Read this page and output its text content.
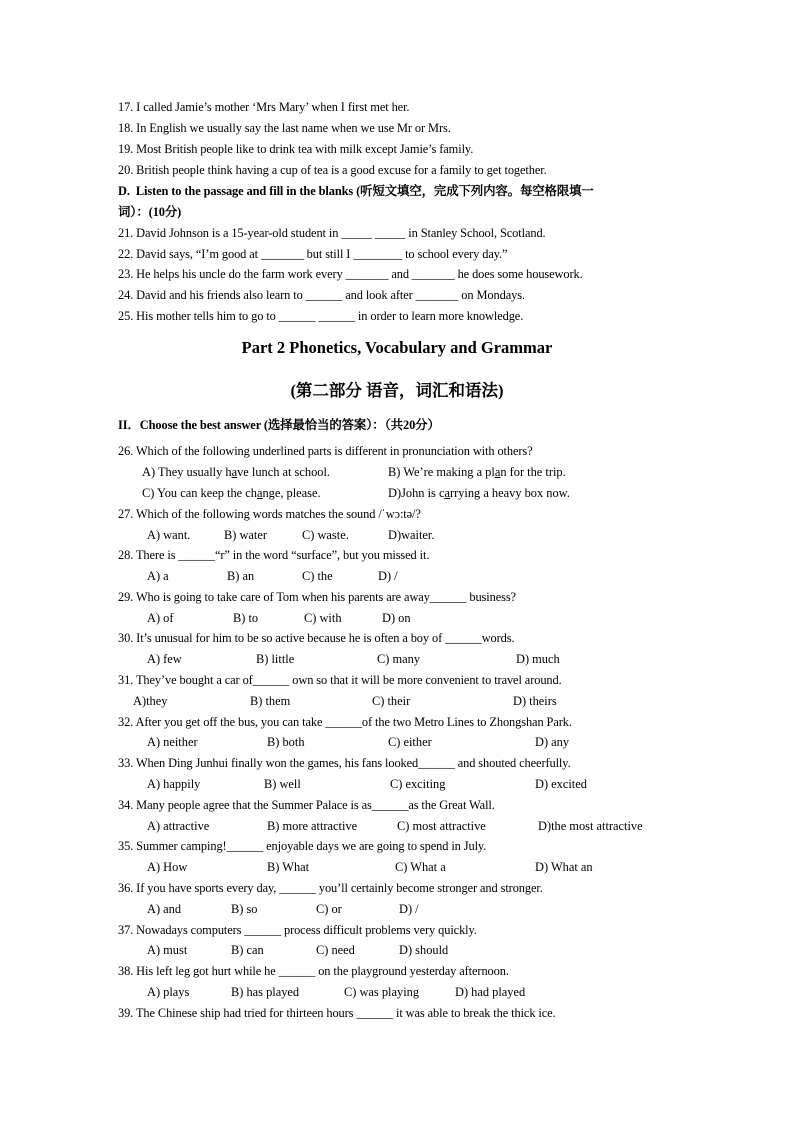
17. I called Jamie’s mother ‘Mrs Mary’ when I first met her.
18. In English we usually say the last name when we use Mr or Mrs.
19. Most British people like to drink tea with milk except Jamie’s family.
20. British people think having a cup of tea is a good excuse for a family to get together.
D.  Listen to the passage and fill in the blanks (听短文填空，完成下列内容。每空格限填一
词）：(10分)
21. David Johnson is a 15-year-old student in _____ _____ in Stanley School, Scotland.
22. David says, “I’m good at _______ but still I ________ to school every day.”
23. He helps his uncle do the farm work every _______ and _______ he does some housework.
24. David and his friends also learn to ______ and look after _______ on Mondays.
25. His mother tells him to go to ______ ______ in order to learn more knowledge.
Part 2 Phonetics, Vocabulary and Grammar
(第二部分 语音，词汇和语法)
II．Choose the best answer (选择最恰当的答案）：（共20分）
26. Which of the following underlined parts is different in pronunciation with others?
A) They usually have lunch at school.	B) We’re making a plan for the trip.
C) You can keep the change, please.	D)John is carrying a heavy box now.
27. Which of the following words matches the sound /ˈwɔ:tə/?
A) want.	B) water	C) waste.	D)waiter.
28. There is ______“r” in the word “surface”, but you missed it.
A) a	B) an	C) the	D) /
29. Who is going to take care of Tom when his parents are away______ business?
A) of	B) to	C) with	D) on
30. It’s unusual for him to be so active because he is often a boy of ______words.
A) few	B) little	C) many	D) much
31. They’ve bought a car of______ own so that it will be more convenient to travel around.
A)they	B) them	C) their	D) theirs
32. After you get off the bus, you can take ______of the two Metro Lines to Zhongshan Park.
A) neither	B) both	C) either	D) any
33. When Ding Junhui finally won the games, his fans looked______ and shouted cheerfully.
A) happily	B) well	C) exciting	D) excited
34. Many people agree that the Summer Palace is as______as the Great Wall.
A) attractive	B) more attractive	C) most attractive	D)the most attractive
35. Summer camping!______ enjoyable days we are going to spend in July.
A) How	B) What	C) What a	D) What an
36. If you have sports every day, ______ you’ll certainly become stronger and stronger.
A) and	B) so	C) or	D) /
37. Nowadays computers ______ process difficult problems very quickly.
A) must	B) can	C) need	D) should
38. His left leg got hurt while he ______ on the playground yesterday afternoon.
A) plays	B) has played	C) was playing	D) had played
39. The Chinese ship had tried for thirteen hours ______ it was able to break the thick ice.
